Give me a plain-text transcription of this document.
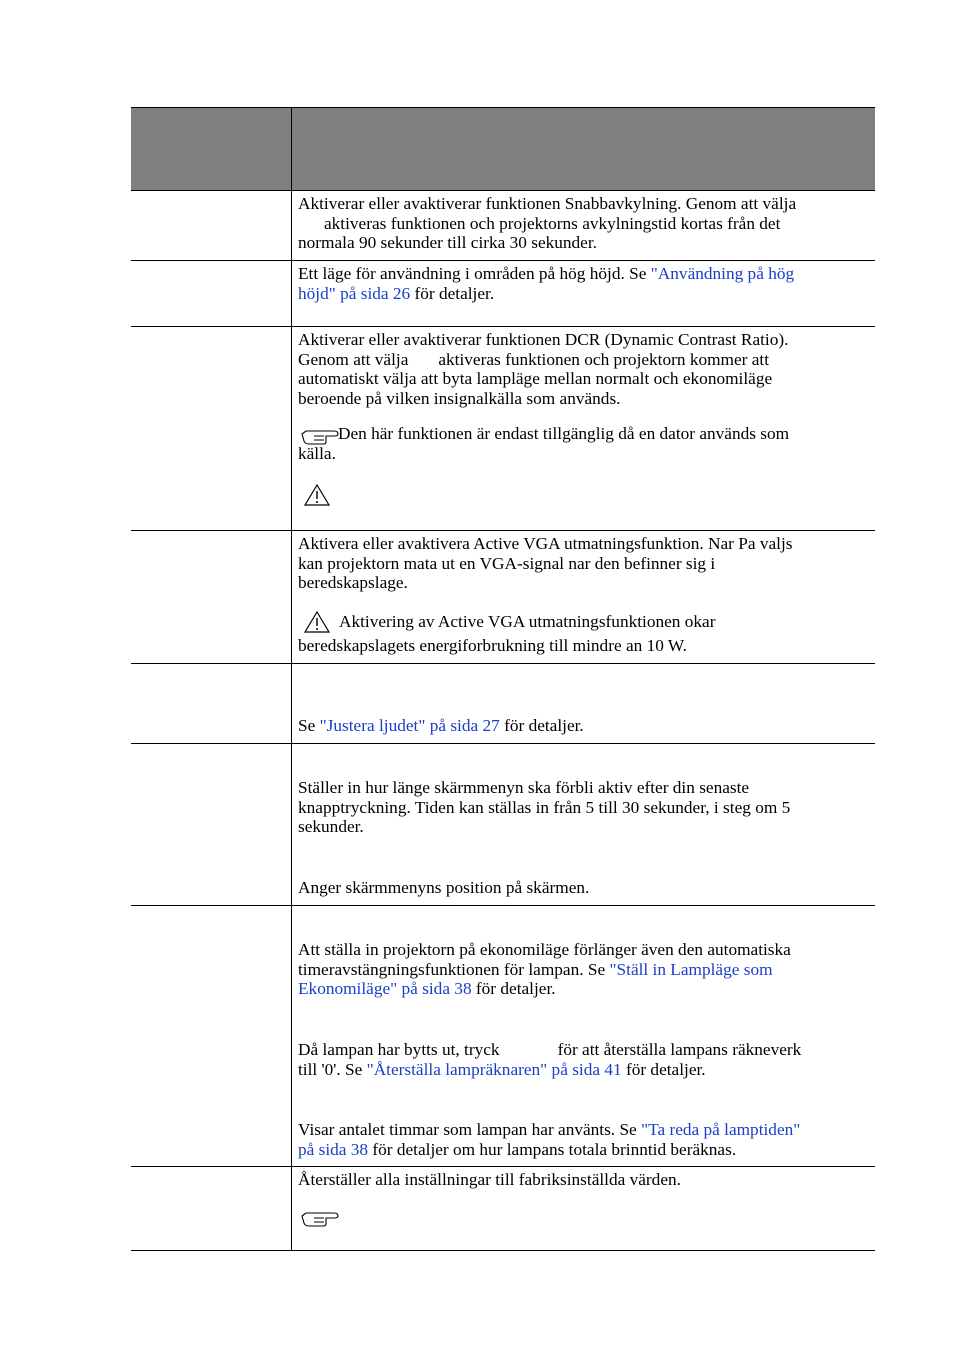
Aktiverar eller avaktiverar funktionen Snabbavkylning. Genom att välja
aktiveras funktionen och projektorns avkylningstid kortas från det
normala 90 sekunder till cirka 30 sekunder.
Ett läge för användning i områden på hög höjd. Se "Användning på hög
höjd" på sida 26 för detaljer.
Aktiverar eller avaktiverar funktionen DCR (Dynamic Contrast Ratio).
Genom att välja aktiveras funktionen och projektorn kommer att
automatiskt välja att byta lampläge mellan normalt och ekonomiläge
beroende på vilken insignalkälla som används.
Den här funktionen är endast tillgänglig då en dator används som
källa.
Aktivera eller avaktivera Active VGA utmatningsfunktion. Nar Pa valjs
kan projektorn mata ut en VGA-signal nar den befinner sig i
beredskapslage.
Aktivering av Active VGA utmatningsfunktionen okar
beredskapslagets energiforbrukning till mindre an 10 W.
Se "Justera ljudet" på sida 27 för detaljer.
Ställer in hur länge skärmmenyn ska förbli aktiv efter din senaste
knapptryckning. Tiden kan ställas in från 5 till 30 sekunder, i steg om 5
sekunder.
Anger skärmmenyns position på skärmen.
Att ställa in projektorn på ekonomiläge förlänger även den automatiska
timeravstängningsfunktionen för lampan. Se "Ställ in Lampläge som
Ekonomiläge" på sida 38 för detaljer.
Då lampan har bytts ut, tryck	för att återställa lampans räkneverk
till '0'. Se "Återställa lampräknaren" på sida 41 för detaljer.
Visar antalet timmar som lampan har använts. Se "Ta reda på lamptiden"
på sida 38 för detaljer om hur lampans totala brinntid beräknas.
Återställer alla inställningar till fabriksinställda värden.
